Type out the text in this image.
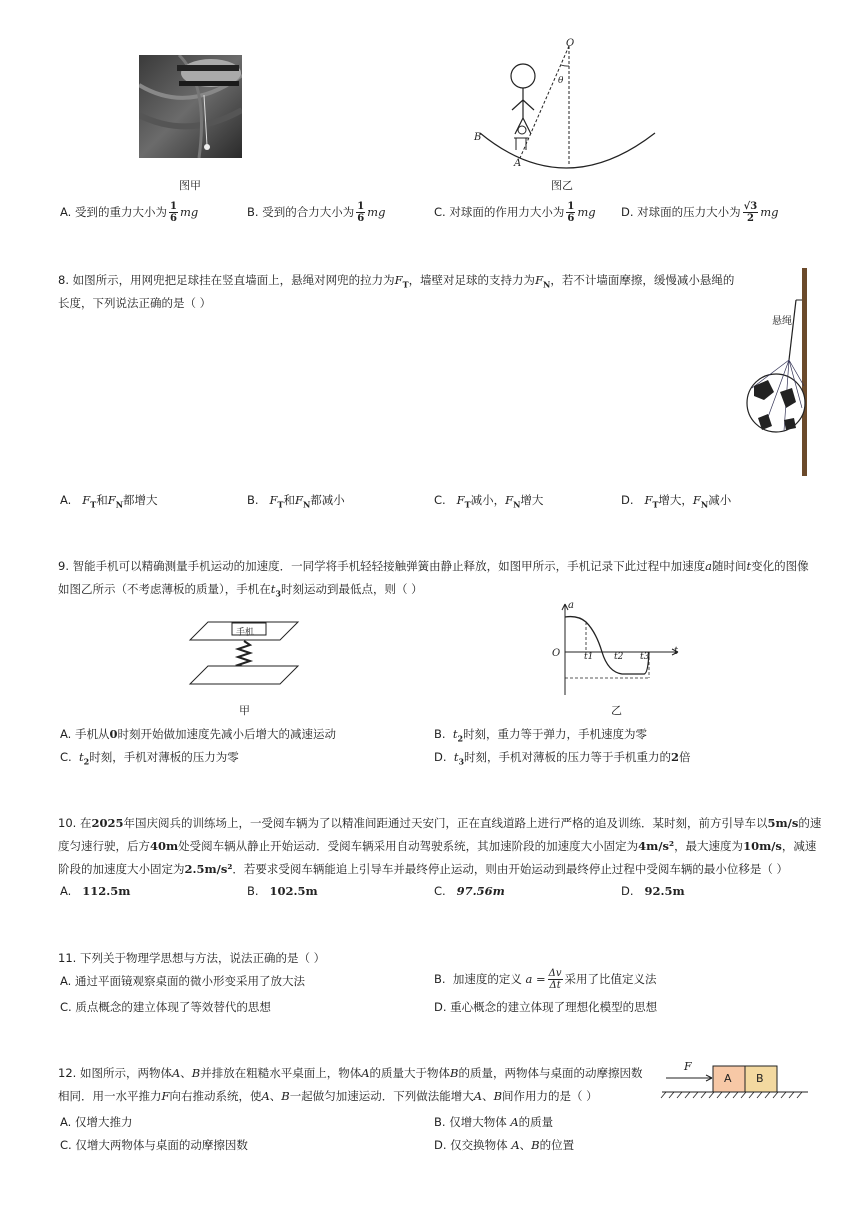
图甲
O
θ
B
A
图乙
A. 受到的重力大小为 $\frac{1}{6}$ mg	B. 受到的合力大小为 $\frac{1}{6}$ mg	C. 对球面的作用力大小为 $\frac{1}{6}$ mg D. 对球面的压力大小为 $\frac{√3}{2}$ mg
8. 如图所示，用网兜把足球挂在竖直墙面上，悬绳对网兜的拉力为$F_T$，墙壁对足球的支持力为$F_N$，若不计墙面摩擦，缓慢减小悬绳的
长度，下列说法正确的是（ ）
悬绳
A. $F_T$和$F_N$都增大	B. $F_T$和$F_N$都减小	C. $F_T$减小，$F_N$增大	D. $F_T$增大，$F_N$减小
9. 智能手机可以精确测量手机运动的加速度．一同学将手机轻轻接触弹簧由静止释放，如图甲所示，手机记录下此过程中加速度a随时间t变化的图像
如图乙所示（不考虑薄板的质量），手机在$t_3$时刻运动到最低点，则（ ）
手机
甲
a
O	t1 t2 t3 t
乙
A. 手机从0时刻开始做加速度先减小后增大的减速运动	B. $t_2$时刻，重力等于弹力，手机速度为零
C. $t_2$时刻，手机对薄板的压力为零	D. $t_3$时刻，手机对薄板的压力等于手机重力的2倍
10. 在2025年国庆阅兵的训练场上，一受阅车辆为了以精准间距通过天安门，正在直线道路上进行严格的追及训练．某时刻，前方引导车以5m/s的速
度匀速行驶，后方40m处受阅车辆从静止开始运动．受阅车辆采用自动驾驶系统，其加速阶段的加速度大小固定为4m/s²，最大速度为10m/s，减速
阶段的加速度大小固定为2.5m/s²．若要求受阅车辆能追上引导车并最终停止运动，则由开始运动到最终停止过程中受阅车辆的最小位移是（ ）
A. 112.5m	B. 102.5m	C. 97.56m	D. 92.5m
11. 下列关于物理学思想与方法，说法正确的是（ ）
A. 通过平面镜观察桌面的微小形变采用了放大法	B. 加速度的定义 $a = \frac{\Delta v}{\Delta t}$ 采用了比值定义法
C. 质点概念的建立体现了等效替代的思想	D. 重心概念的建立体现了理想化模型的思想
12. 如图所示，两物体A、B并排放在粗糙水平桌面上，物体A的质量大于物体B的质量，两物体与桌面的动摩擦因数
相同．用一水平推力F向右推动系统，使A、B一起做匀加速运动．下列做法能增大A、B间作用力的是（ ）
F
A B
A. 仅增大推力	B. 仅增大物体 A的质量
C. 仅增大两物体与桌面的动摩擦因数	D. 仅交换物体 A、B的位置
